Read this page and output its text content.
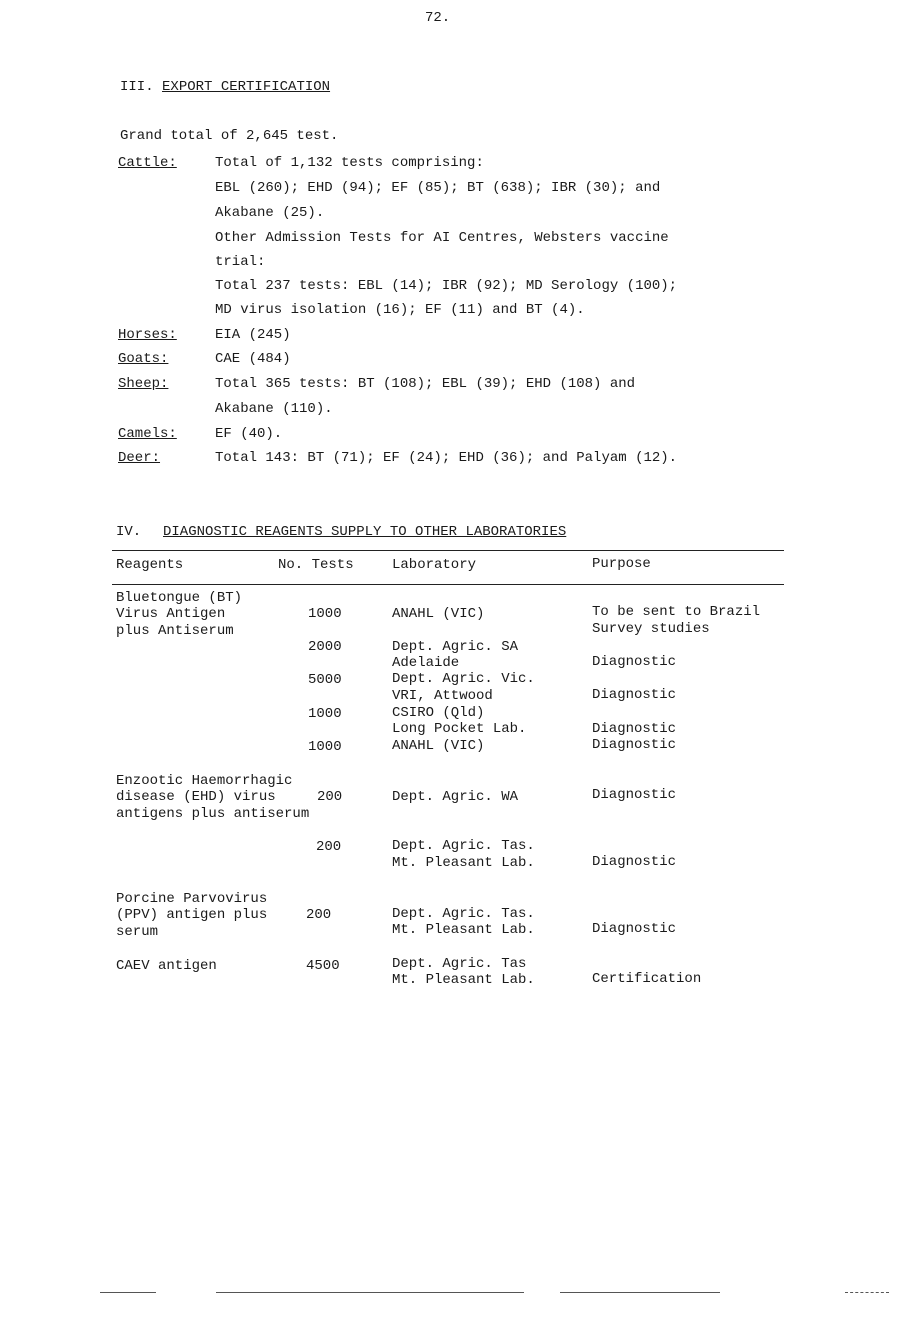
72.
III. EXPORT CERTIFICATION
Grand total of 2,645 test.
Cattle:	Total of 1,132 tests comprising:
EBL (260); EHD (94); EF (85); BT (638); IBR (30); and
Akabane (25).
Other Admission Tests for AI Centres, Websters vaccine
trial:
Total 237 tests: EBL (14); IBR (92); MD Serology (100);
MD virus isolation (16); EF (11) and BT (4).
Horses:	EIA (245)
Goats:	CAE (484)
Sheep:	Total 365 tests: BT (108); EBL (39); EHD (108) and
Akabane (110).
Camels:	EF (40).
Deer:	Total 143: BT (71); EF (24); EHD (36); and Palyam (12).
IV. DIAGNOSTIC REAGENTS SUPPLY TO OTHER LABORATORIES
Reagents	No. Tests	Laboratory	Purpose
Bluetongue (BT)
Virus Antigen
plus Antiserum
1000	ANAHL (VIC)	To be sent to Brazil
Survey studies
2000	Dept. Agric. SA
Adelaide	Diagnostic
5000	Dept. Agric. Vic.
VRI, Attwood	Diagnostic
1000	CSIRO (Qld)
Long Pocket Lab.	Diagnostic
1000	ANAHL (VIC)	Diagnostic
Enzootic Haemorrhagic
disease (EHD) virus
antigens plus antiserum
200	Dept. Agric. WA	Diagnostic
200	Dept. Agric. Tas.
Mt. Pleasant Lab.	Diagnostic
Porcine Parvovirus
(PPV) antigen plus
serum
200	Dept. Agric. Tas.
Mt. Pleasant Lab.	Diagnostic
CAEV antigen	4500	Dept. Agric. Tas
Mt. Pleasant Lab.	Certification
